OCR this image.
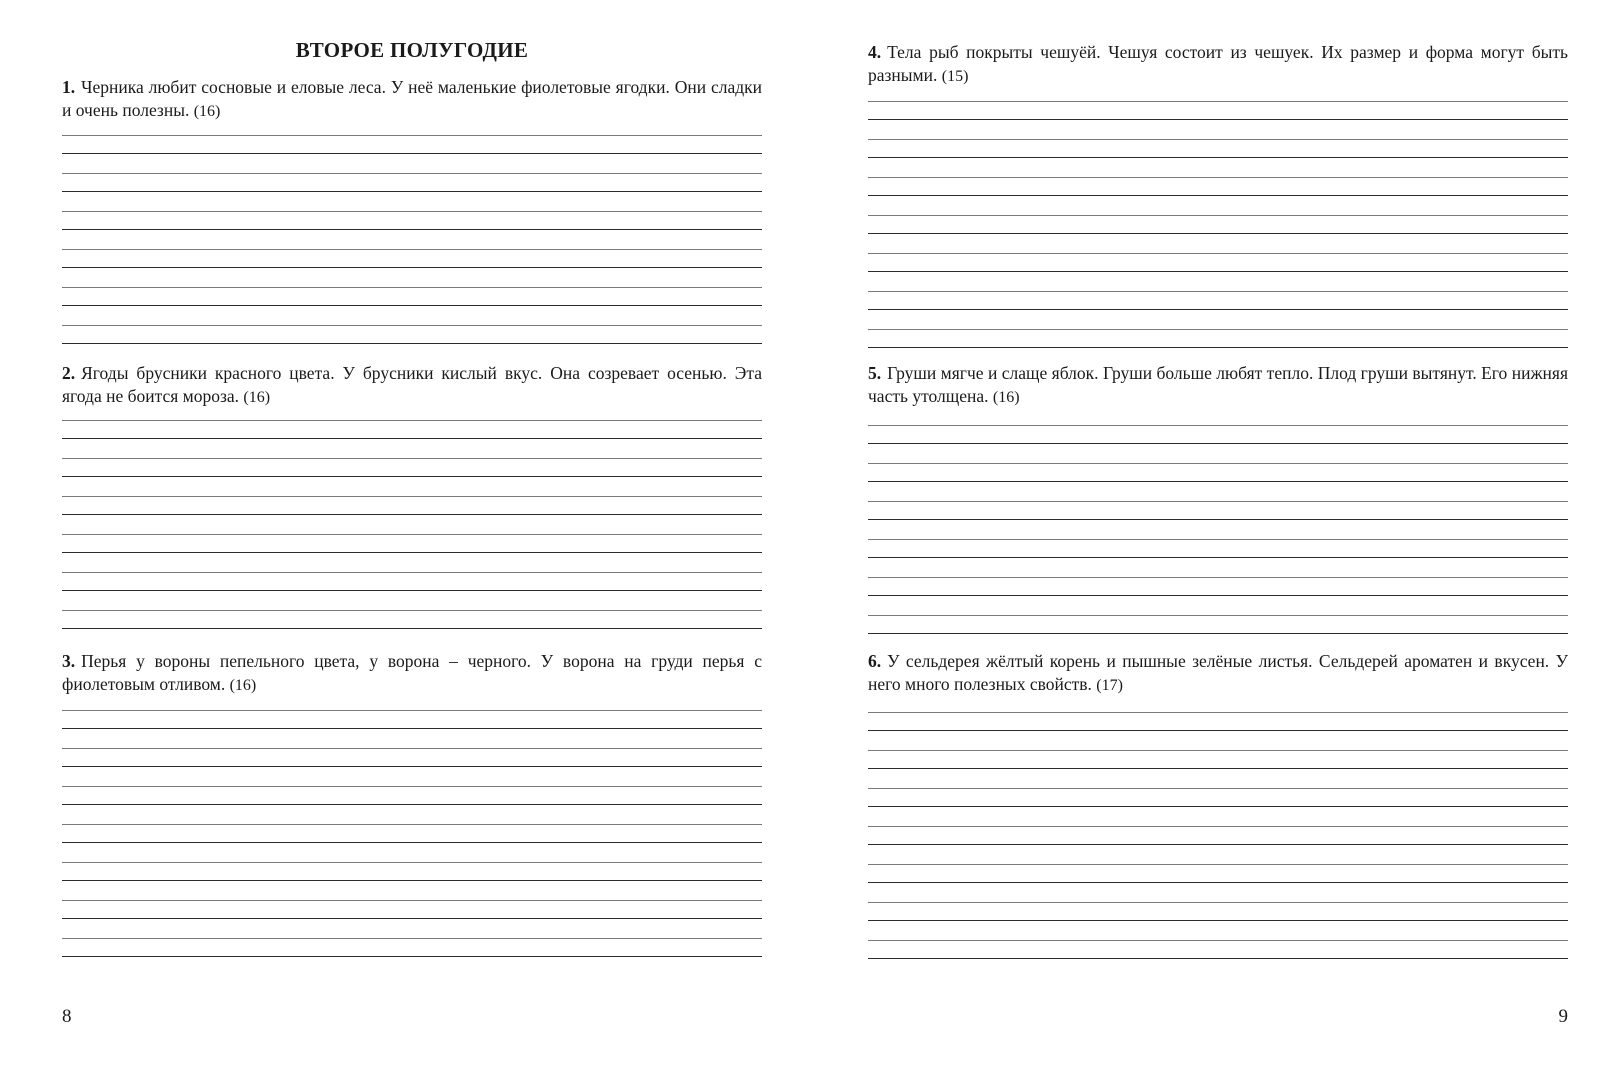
ВТОРОЕ ПОЛУГОДИЕ

1. Черника любит сосновые и еловые леса. У неё маленькие фиолетовые ягодки. Они сладки и очень полезны. (16)

2. Ягоды брусники красного цвета. У брусники кислый вкус. Она созревает осенью. Эта ягода не боится мороза. (16)

3. Перья у вороны пепельного цвета, у ворона – черного. У ворона на груди перья с фиолетовым отливом. (16)

8

4. Тела рыб покрыты чешуёй. Чешуя состоит из чешуек. Их размер и форма могут быть разными. (15)

5. Груши мягче и слаще яблок. Груши больше любят тепло. Плод груши вытянут. Его нижняя часть утолщена. (16)

6. У сельдерея жёлтый корень и пышные зелёные листья. Сельдерей ароматен и вкусен. У него много полезных свойств. (17)

9
